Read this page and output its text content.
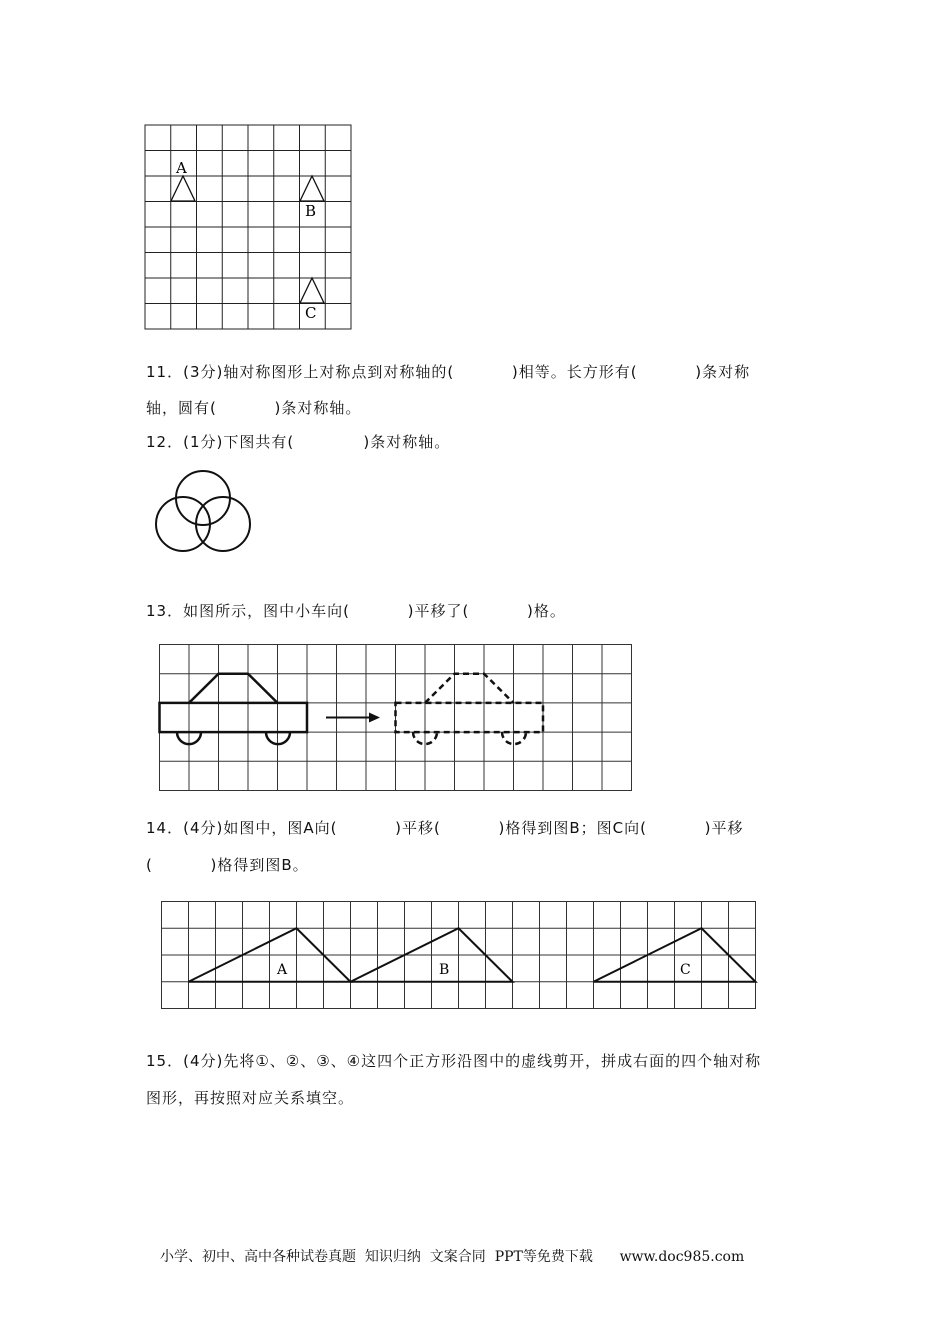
A
B
C
11．(3分)轴对称图形上对称点到对称轴的(          )相等。长方形有(          )条对称
轴，圆有(          )条对称轴。
12．(1分)下图共有(            )条对称轴。
13．如图所示，图中小车向(          )平移了(          )格。
14．(4分)如图中，图A向(          )平移(          )格得到图B；图C向(          )平移
(          )格得到图B。
A	B	C
15．(4分)先将①、②、③、④这四个正方形沿图中的虚线剪开，拼成右面的四个轴对称
图形，再按照对应关系填空。
小学、初中、高中各种试卷真题  知识归纳  文案合同  PPT等免费下载      www.doc985.com
